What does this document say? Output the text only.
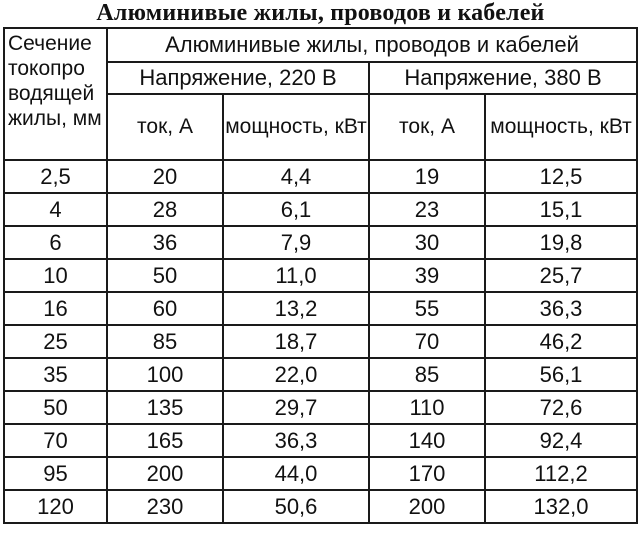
Алюминивые жилы, проводов и кабелей
Сечение токопро водящей жилы, мм	Алюминивые жилы, проводов и кабелей			
	Напряжение, 220 В		Напряжение, 380 В	
	ток, А	мощность, кВт	ток, А	мощность, кВт
2,5	20	4,4	19	12,5
4	28	6,1	23	15,1
6	36	7,9	30	19,8
10	50	11,0	39	25,7
16	60	13,2	55	36,3
25	85	18,7	70	46,2
35	100	22,0	85	56,1
50	135	29,7	110	72,6
70	165	36,3	140	92,4
95	200	44,0	170	112,2
120	230	50,6	200	132,0
